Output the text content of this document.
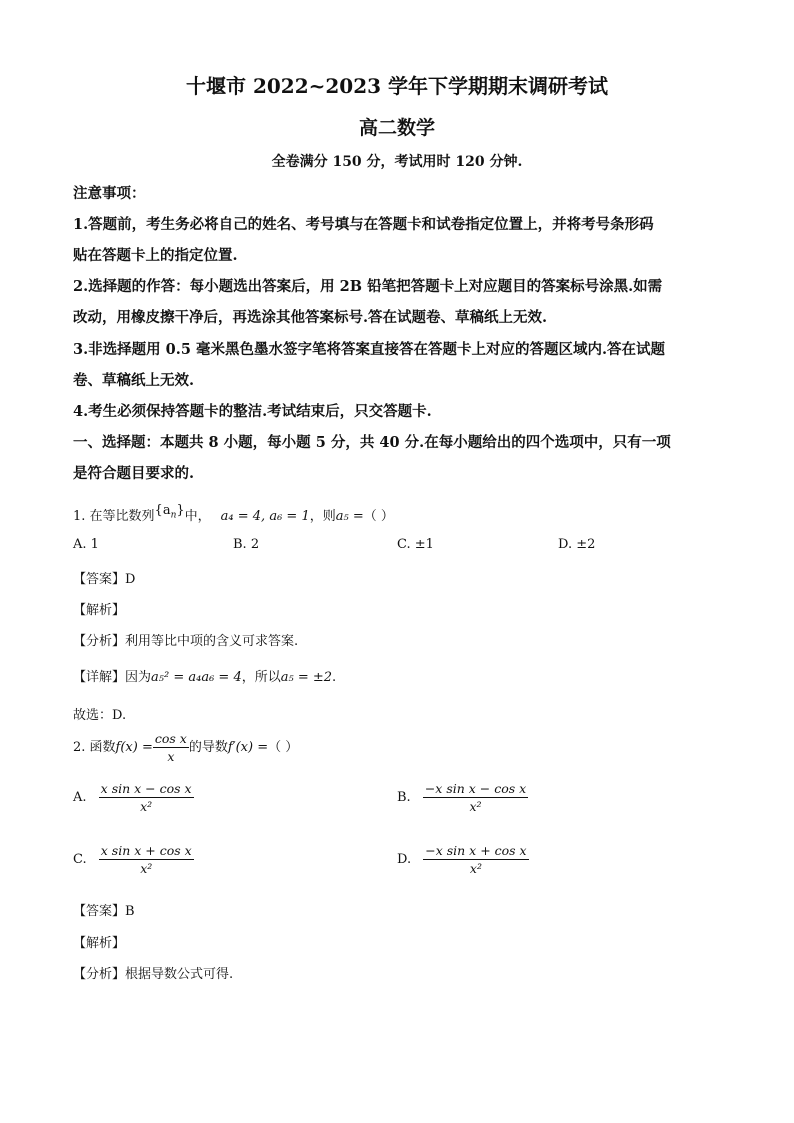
十堰市 2022~2023 学年下学期期末调研考试
高二数学
全卷满分 150 分，考试用时 120 分钟.
注意事项：
1.答题前，考生务必将自己的姓名、考号填与在答题卡和试卷指定位置上，并将考号条形码
贴在答题卡上的指定位置.
2.选择题的作答：每小题选出答案后，用 2B 铅笔把答题卡上对应题目的答案标号涂黑.如需
改动，用橡皮擦干净后，再选涂其他答案标号.答在试题卷、草稿纸上无效.
3.非选择题用 0.5 毫米黑色墨水签字笔将答案直接答在答题卡上对应的答题区域内.答在试题
卷、草稿纸上无效.
4.考生必须保持答题卡的整洁.考试结束后，只交答题卡.
一、选择题：本题共 8 小题，每小题 5 分，共 40 分.在每小题给出的四个选项中，只有一项
是符合题目要求的.
1. 在等比数列$\{a_n\}$中， a₄ = 4, a₆ = 1，则a₅ =（ ）
A. 1	B. 2	C. ±1	D. ±2
【答案】D
【解析】
【分析】利用等比中项的含义可求答案.
【详解】因为a₅² = a₄a₆ = 4，所以a₅ = ±2.
故选：D.
2. 函数$f(x) = \frac{\text{cos x}}{x}$ 的导数f′(x) =（ ）
A. $\frac{\text{x sin x − cos x}}{\text{x²}}$	B. $\frac{\text{−x sin x − cos x}}{\text{x²}}$
C. $\frac{\text{x sin x + cos x}}{\text{x²}}$	D. $\frac{\text{−x sin x + cos x}}{\text{x²}}$
【答案】B
【解析】
【分析】根据导数公式可得.
